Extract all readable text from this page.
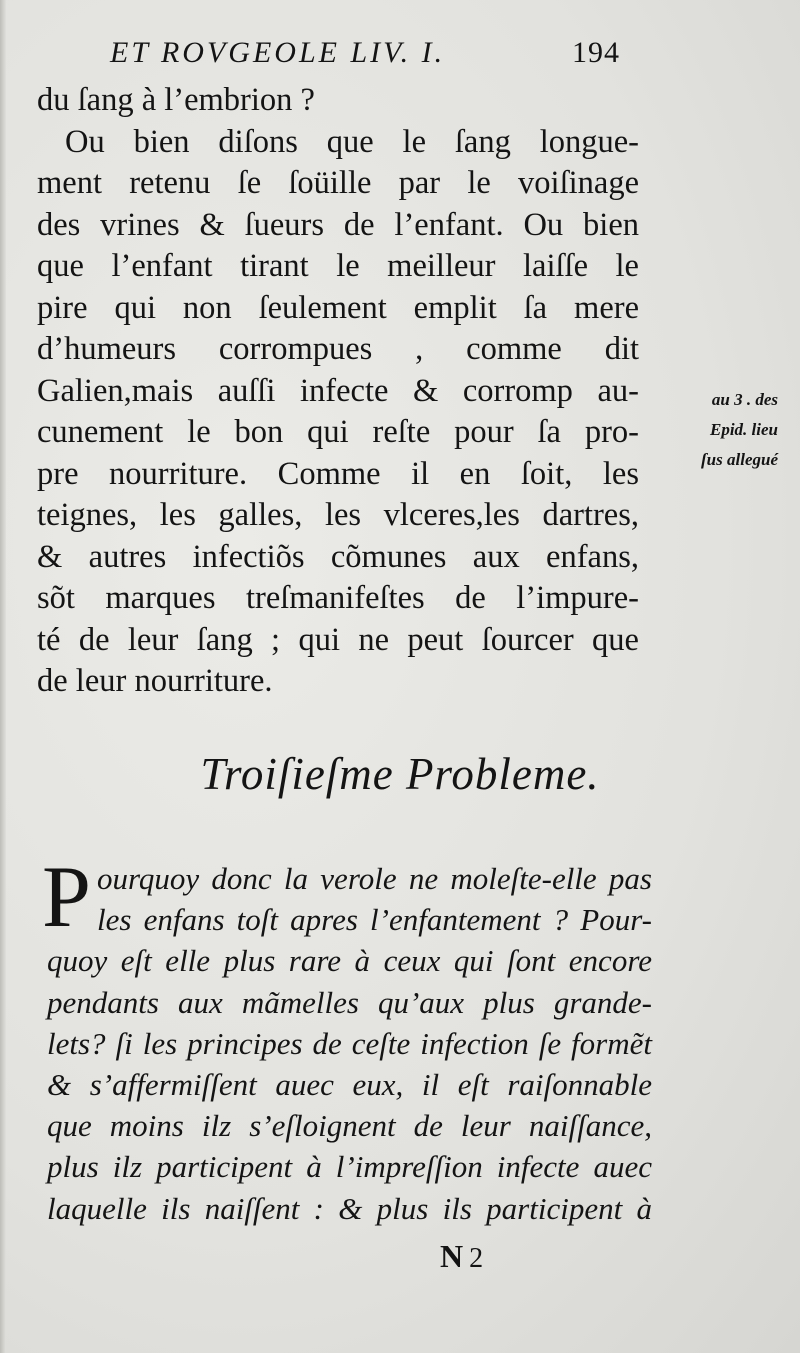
ET ROVGEOLE LIV. I.	194
du ſang à l’embrion ?
Ou bien diſons que le ſang longue-
ment retenu ſe ſoüille par le voiſinage
des vrines & ſueurs de l’enfant. Ou bien
que l’enfant tirant le meilleur laiſſe le
pire qui non ſeulement emplit ſa mere
d’humeurs corrompues , comme dit
Galien,mais auſſi infecte & corromp au-
cunement le bon qui reſte pour ſa pro-
pre nourriture. Comme il en ſoit, les
teignes, les galles, les vlceres,les dartres,
& autres infectiõs cõmunes aux enfans,
sõt marques treſmanifeſtes de l’impure-
té de leur ſang ; qui ne peut ſourcer que
de leur nourriture.
au 3 . des
Epid. lieu
ſus allegué
Troiſieſme Probleme.
P ourquoy donc la verole ne moleſte-elle pas
les enfans toſt apres l’enfantement ? Pour-
quoy eſt elle plus rare à ceux qui ſont encore
pendants aux mãmelles qu’aux plus grande-
lets? ſi les principes de ceſte infection ſe formẽt
& s’affermiſſent auec eux, il eſt raiſonnable
que moins ilz s’eſloignent de leur naiſſance,
plus ilz participent à l’impreſſion infecte auec
laquelle ils naiſſent : & plus ils participent à
N 2
